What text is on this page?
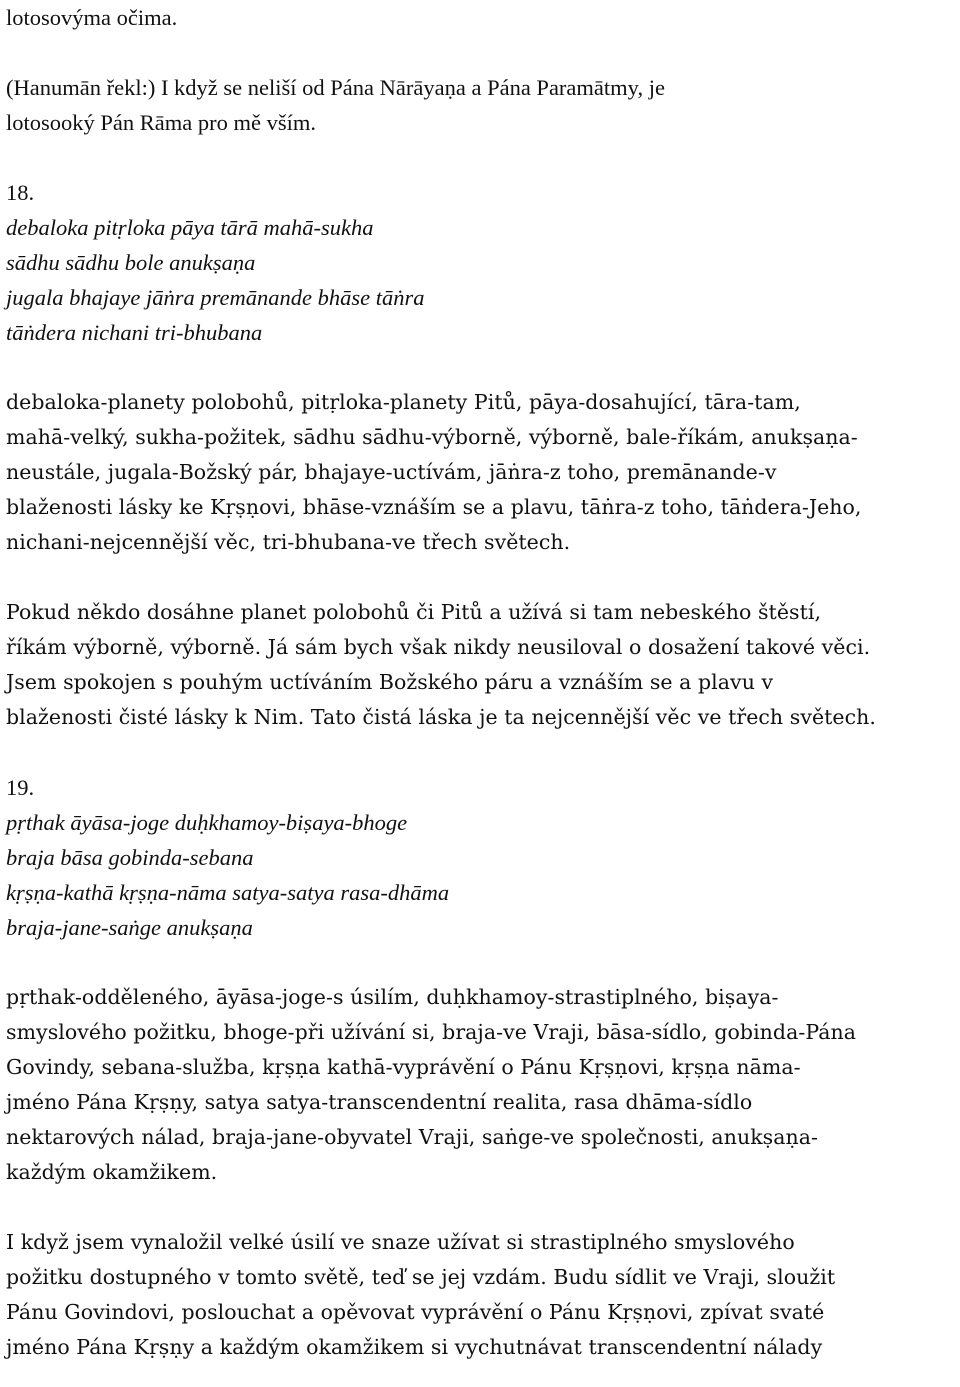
lotosovýma očima.
(Hanumān řekl:) I když se neliší od Pána Nārāyaṇa a Pána Paramātmy, je
lotosooký Pán Rāma pro mě vším.
18.
debaloka pitṛloka pāya tārā mahā-sukha
sādhu sādhu bole anukṣaṇa
jugala bhajaye jāṅra premānande bhāse tāṅra
tāṅdera nichani tri-bhubana
debaloka-planety polobohů, pitṛloka-planety Pitů, pāya-dosahující, tāra-tam,
mahā-velký, sukha-požitek, sādhu sādhu-výborně, výborně, bale-říkám, anukṣaṇa-
neustále, jugala-Božský pár, bhajaye-uctívám, jāṅra-z toho, premānande-v
blaženosti lásky ke Kṛṣṇovi, bhāse-vznáším se a plavu, tāṅra-z toho, tāṅdera-Jeho,
nichani-nejcennější věc, tri-bhubana-ve třech světech.
Pokud někdo dosáhne planet polobohů či Pitů a užívá si tam nebeského štěstí,
říkám výborně, výborně. Já sám bych však nikdy neusiloval o dosažení takové věci.
Jsem spokojen s pouhým uctíváním Božského páru a vznáším se a plavu v
blaženosti čisté lásky k Nim. Tato čistá láska je ta nejcennější věc ve třech světech.
19.
pṛthak āyāsa-joge duḥkhamoy-biṣaya-bhoge
braja bāsa gobinda-sebana
kṛṣṇa-kathā kṛṣṇa-nāma satya-satya rasa-dhāma
braja-jane-saṅge anukṣaṇa
pṛthak-odděleného, āyāsa-joge-s úsilím, duḥkhamoy-strastiplného, biṣaya-
smyslového požitku, bhoge-při užívání si, braja-ve Vraji, bāsa-sídlo, gobinda-Pána
Govindy, sebana-služba, kṛṣṇa kathā-vyprávění o Pánu Kṛṣṇovi, kṛṣṇa nāma-
jméno Pána Kṛṣṇy, satya satya-transcendentní realita, rasa dhāma-sídlo
nektarových nálad, braja-jane-obyvatel Vraji, saṅge-ve společnosti, anukṣaṇa-
každým okamžikem.
I když jsem vynaložil velké úsilí ve snaze užívat si strastiplného smyslového
požitku dostupného v tomto světě, teď se jej vzdám. Budu sídlit ve Vraji, sloužit
Pánu Govindovi, poslouchat a opěvovat vyprávění o Pánu Kṛṣṇovi, zpívat svaté
jméno Pána Kṛṣṇy a každým okamžikem si vychutnávat transcendentní nálady
